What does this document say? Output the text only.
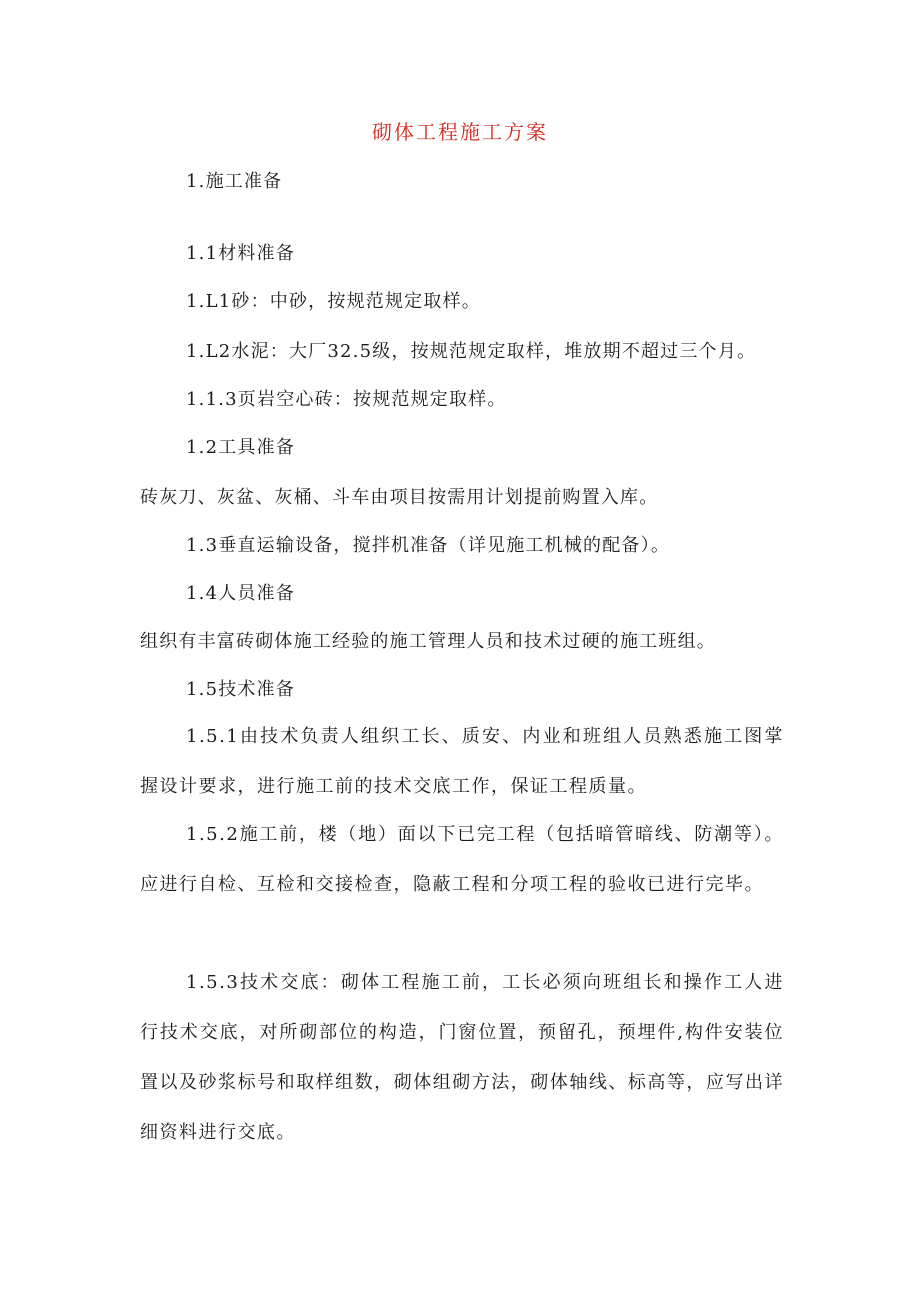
砌体工程施工方案

1.施工准备

1.1材料准备

1.L1砂：中砂，按规范规定取样。

1.L2水泥：大厂32.5级，按规范规定取样，堆放期不超过三个月。

1.1.3页岩空心砖：按规范规定取样。

1.2工具准备

砖灰刀、灰盆、灰桶、斗车由项目按需用计划提前购置入库。

1.3垂直运输设备，搅拌机准备（详见施工机械的配备）。

1.4人员准备

组织有丰富砖砌体施工经验的施工管理人员和技术过硬的施工班组。

1.5技术准备

1.5.1由技术负责人组织工长、质安、内业和班组人员熟悉施工图掌握设计要求，进行施工前的技术交底工作，保证工程质量。

1.5.2施工前，楼（地）面以下已完工程（包括暗管暗线、防潮等）。应进行自检、互检和交接检查，隐蔽工程和分项工程的验收已进行完毕。

1.5.3技术交底：砌体工程施工前，工长必须向班组长和操作工人进行技术交底，对所砌部位的构造，门窗位置，预留孔，预埋件,构件安装位置以及砂浆标号和取样组数，砌体组砌方法，砌体轴线、标高等，应写出详细资料进行交底。
